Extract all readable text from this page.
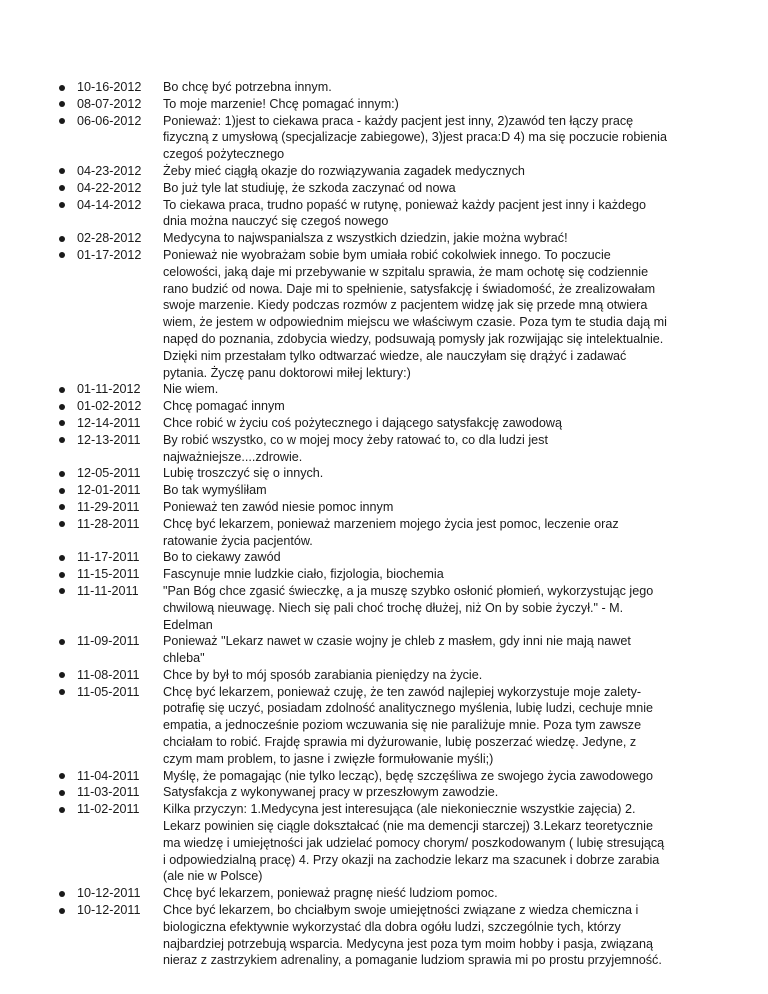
10-16-2012 Bo chcę być potrzebna innym.
08-07-2012 To moje marzenie! Chcę pomagać innym:)
06-06-2012 Ponieważ: 1)jest to ciekawa praca - każdy pacjent jest inny, 2)zawód ten łączy pracę
fizyczną z umysłową (specjalizacje zabiegowe), 3)jest praca:D 4) ma się poczucie robienia
czegoś pożytecznego
04-23-2012 Żeby mieć ciągłą okazje do rozwiązywania zagadek medycznych
04-22-2012 Bo już tyle lat studiuję, że szkoda zaczynać od nowa
04-14-2012 To ciekawa praca, trudno popaść w rutynę, ponieważ każdy pacjent jest inny i każdego
dnia można nauczyć się czegoś nowego
02-28-2012 Medycyna to najwspanialsza z wszystkich dziedzin, jakie można wybrać!
01-17-2012 Ponieważ nie wyobrażam sobie bym umiała robić cokolwiek innego. To poczucie
celowości, jaką daje mi przebywanie w szpitalu sprawia, że mam ochotę się codziennie
rano budzić od nowa. Daje mi to spełnienie, satysfakcję i świadomość, że zrealizowałam
swoje marzenie. Kiedy podczas rozmów z pacjentem widzę jak się przede mną otwiera
wiem, że jestem w odpowiednim miejscu we właściwym czasie. Poza tym te studia dają mi
napęd do poznania, zdobycia wiedzy, podsuwają pomysły jak rozwijając się intelektualnie.
Dzięki nim przestałam tylko odtwarzać wiedze, ale nauczyłam się drążyć i zadawać
pytania. Życzę panu doktorowi miłej lektury:)
01-11-2012 Nie wiem.
01-02-2012 Chcę pomagać innym
12-14-2011 Chce robić w życiu coś pożytecznego i dającego satysfakcję zawodową
12-13-2011 By robić wszystko, co w mojej mocy żeby ratować to, co dla ludzi jest
najważniejsze....zdrowie.
12-05-2011 Lubię troszczyć się o innych.
12-01-2011 Bo tak wymyśliłam
11-29-2011 Ponieważ ten zawód niesie pomoc innym
11-28-2011 Chcę być lekarzem, ponieważ marzeniem mojego życia jest pomoc, leczenie oraz
ratowanie życia pacjentów.
11-17-2011 Bo to ciekawy zawód
11-15-2011 Fascynuje mnie ludzkie ciało, fizjologia, biochemia
11-11-2011 "Pan Bóg chce zgasić świeczkę, a ja muszę szybko osłonić płomień, wykorzystując jego
chwilową nieuwagę. Niech się pali choć trochę dłużej, niż On by sobie życzył." - M.
Edelman
11-09-2011 Ponieważ "Lekarz nawet w czasie wojny je chleb z masłem, gdy inni nie mają nawet
chleba"
11-08-2011 Chce by był to mój sposób zarabiania pieniędzy na życie.
11-05-2011 Chcę być lekarzem, ponieważ czuję, że ten zawód najlepiej wykorzystuje moje zalety-
potrafię się uczyć, posiadam zdolność analitycznego myślenia, lubię ludzi, cechuje mnie
empatia, a jednocześnie poziom wczuwania się nie paraliżuje mnie. Poza tym zawsze
chciałam to robić. Frajdę sprawia mi dyżurowanie, lubię poszerzać wiedzę. Jedyne, z
czym mam problem, to jasne i zwięzłe formułowanie myśli;)
11-04-2011 Myślę, że pomagając (nie tylko lecząc), będę szczęśliwa ze swojego życia zawodowego
11-03-2011 Satysfakcja z wykonywanej pracy w przeszłowym zawodzie.
11-02-2011 Kilka przyczyn: 1.Medycyna jest interesująca (ale niekoniecznie wszystkie zajęcia) 2.
Lekarz powinien się ciągle dokształcać (nie ma demencji starczej) 3.Lekarz teoretycznie
ma wiedzę i umiejętności jak udzielać pomocy chorym/ poszkodowanym ( lubię stresującą
i odpowiedzialną pracę) 4. Przy okazji na zachodzie lekarz ma szacunek i dobrze zarabia
(ale nie w Polsce)
10-12-2011 Chcę być lekarzem, ponieważ pragnę nieść ludziom pomoc.
10-12-2011 Chce być lekarzem, bo chciałbym swoje umiejętności związane z wiedza chemiczna i
biologiczna efektywnie wykorzystać dla dobra ogółu ludzi, szczególnie tych, którzy
najbardziej potrzebują wsparcia. Medycyna jest poza tym moim hobby i pasja, związaną
nieraz z zastrzykiem adrenaliny, a pomaganie ludziom sprawia mi po prostu przyjemność.
